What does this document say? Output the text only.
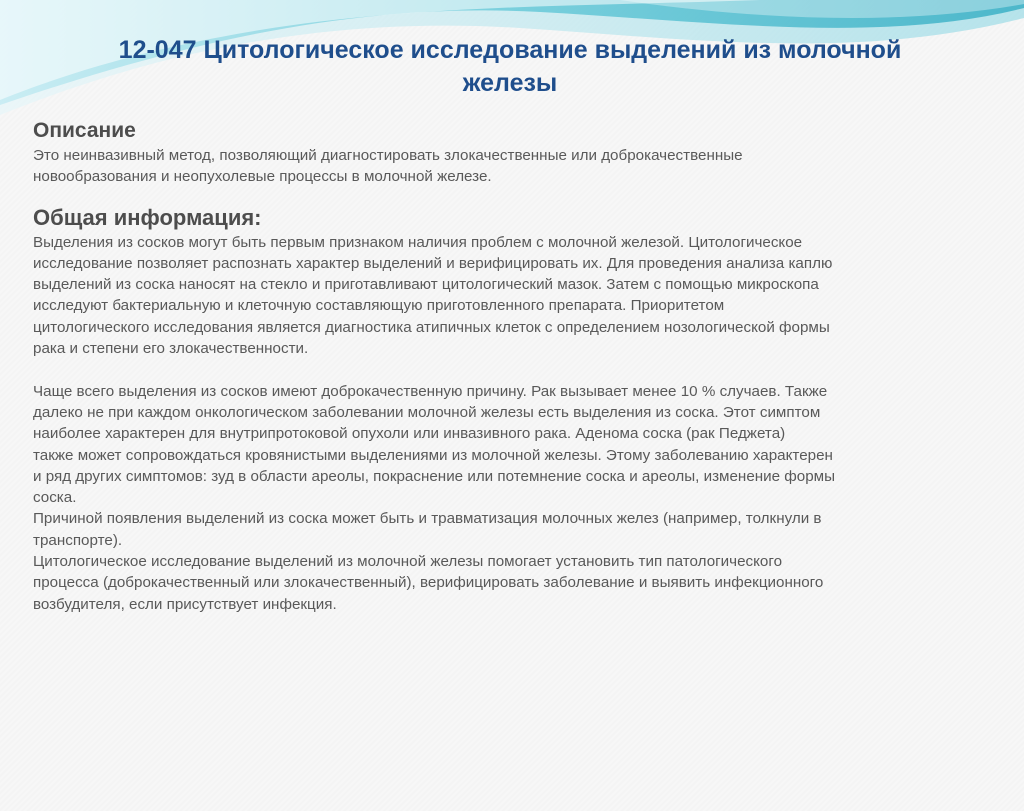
12-047 Цитологическое исследование выделений из молочной железы
Описание

Это неинвазивный метод, позволяющий диагностировать злокачественные или доброкачественные
новообразования и неопухолевые процессы в молочной железе.

Общая информация:

Выделения из сосков могут быть первым признаком наличия проблем с молочной железой. Цитологическое
исследование позволяет распознать характер выделений и верифицировать их. Для проведения анализа каплю
выделений из соска наносят на стекло и приготавливают цитологический мазок. Затем с помощью микроскопа
исследуют бактериальную и клеточную составляющую приготовленного препарата. Приоритетом
цитологического исследования является диагностика атипичных клеток с определением нозологической формы
рака и степени его злокачественности.

Чаще всего выделения из сосков имеют доброкачественную причину. Рак вызывает менее 10 % случаев. Также
далеко не при каждом онкологическом заболевании молочной железы есть выделения из соска. Этот симптом
наиболее характерен для внутрипротоковой опухоли или инвазивного рака. Аденома соска (рак Педжета)
также может сопровождаться кровянистыми выделениями из молочной железы. Этому заболеванию характерен
и ряд других симптомов: зуд в области ареолы, покраснение или потемнение соска и ареолы, изменение формы
соска.

Причиной появления выделений из соска может быть и травматизация молочных желез (например, толкнули в
транспорте).

Цитологическое исследование выделений из молочной железы помогает установить тип патологического
процесса (доброкачественный или злокачественный), верифицировать заболевание и выявить инфекционного
возбудителя, если присутствует инфекция.
